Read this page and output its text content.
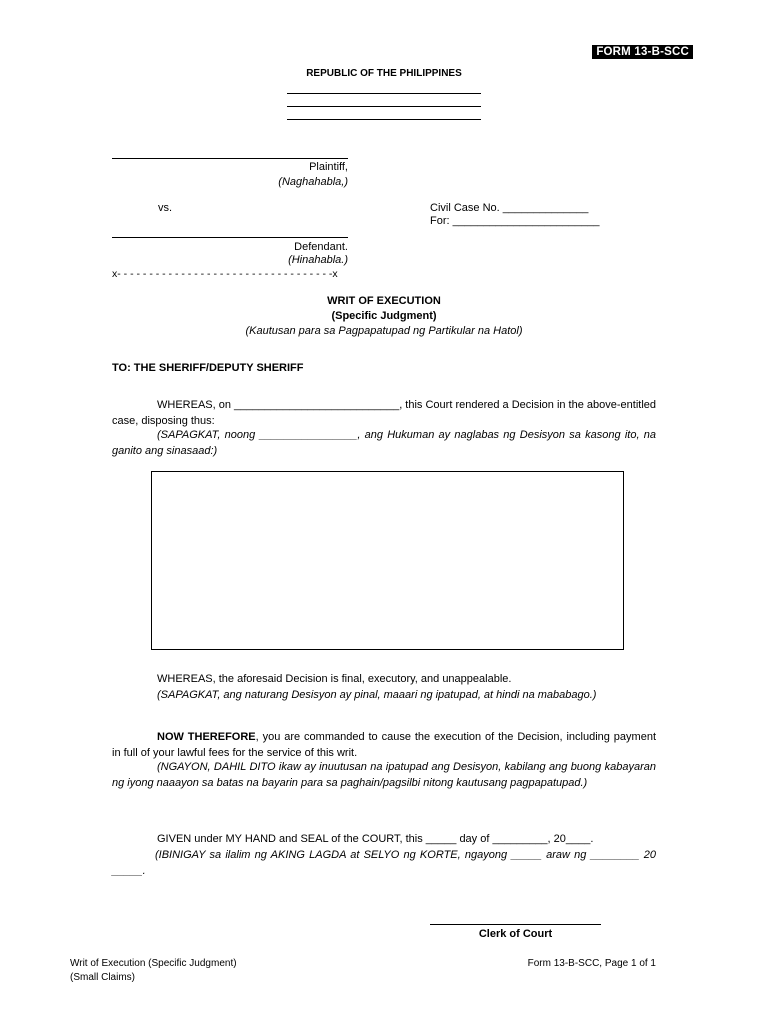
FORM 13-B-SCC
REPUBLIC OF THE PHILIPPINES
Plaintiff,
(Naghahabla,)
vs.	Civil Case No. ______________
For: ________________________
Defendant.
(Hinahabla.)
x- - - - - - - - - - - - - - - - - - - - - - - - - - - - - - - - - -x
WRIT OF EXECUTION
(Specific Judgment)
(Kautusan para sa Pagpapatupad ng Partikular na Hatol)
TO: THE SHERIFF/DEPUTY SHERIFF
WHEREAS, on ___________________________, this Court rendered a Decision in the above-entitled case, disposing thus:
(SAPAGKAT, noong ________________, ang Hukuman ay naglabas ng Desisyon sa kasong ito, na ganito ang sinasaad:)
WHEREAS, the aforesaid Decision is final, executory, and unappealable.
(SAPAGKAT, ang naturang Desisyon ay pinal, maaari ng ipatupad, at hindi na mababago.)
NOW THEREFORE, you are commanded to cause the execution of the Decision, including payment in full of your lawful fees for the service of this writ.
(NGAYON, DAHIL DITO ikaw ay inuutusan na ipatupad ang Desisyon, kabilang ang buong kabayaran ng iyong naaayon sa batas na bayarin para sa paghain/pagsilbi nitong kautusang pagpapatupad.)
GIVEN under MY HAND and SEAL of the COURT, this _____ day of _________, 20____.
(IBINIGAY sa ilalim ng AKING LAGDA at SELYO ng KORTE, ngayong _____ araw ng ________ 20 _____.
Clerk of Court
Writ of Execution (Specific Judgment)
(Small Claims)
Form 13-B-SCC, Page 1 of 1
